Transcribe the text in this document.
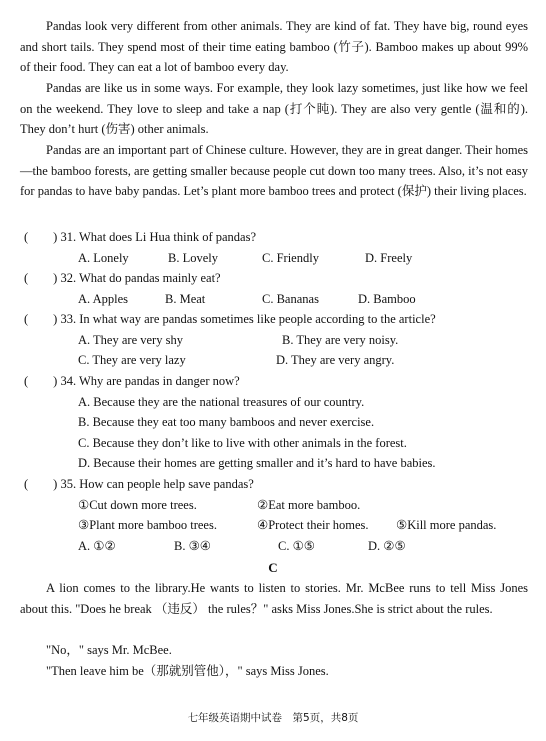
Pandas look very different from other animals. They are kind of fat. They have big, round eyes and short tails. They spend most of their time eating bamboo (竹子). Bamboo makes up about 99% of their food. They can eat a lot of bamboo every day.

Pandas are like us in some ways. For example, they look lazy sometimes, just like how we feel on the weekend. They love to sleep and take a nap (打个盹). They are also very gentle (温和的). They don’t hurt (伤害) other animals.

Pandas are an important part of Chinese culture. However, they are in great danger. Their homes—the bamboo forests, are getting smaller because people cut down too many trees. Also, it’s not easy for pandas to have baby pandas. Let’s plant more bamboo trees and protect (保护) their living places.

(　　) 31. What does Li Hua think of pandas?
A. Lonely	B. Lovely	C. Friendly	D. Freely
(　　) 32. What do pandas mainly eat?
A. Apples	B. Meat	C. Bananas	D. Bamboo
(　　) 33. In what way are pandas sometimes like people according to the article?
A. They are very shy	B. They are very noisy.
C. They are very lazy	D. They are very angry.
(　　) 34. Why are pandas in danger now?
A. Because they are the national treasures of our country.
B. Because they eat too many bamboos and never exercise.
C. Because they don’t like to live with other animals in the forest.
D. Because their homes are getting smaller and it’s hard to have babies.
(　　) 35. How can people help save pandas?
①Cut down more trees.	②Eat more bamboo.
③Plant more bamboo trees.	④Protect their homes. ⑤Kill more pandas.
A. ①②	B. ③④	C. ①⑤	D. ②⑤
C

A lion comes to the library.He wants to listen to stories. Mr. McBee runs to tell Miss Jones about this. "Does he break （违反） the rules？" asks Miss Jones.She is strict about the rules.

"No，" says Mr. McBee.
"Then leave him be（那就别管他），" says Miss Jones.
七年级英语期中试卷　第5页，共8页
